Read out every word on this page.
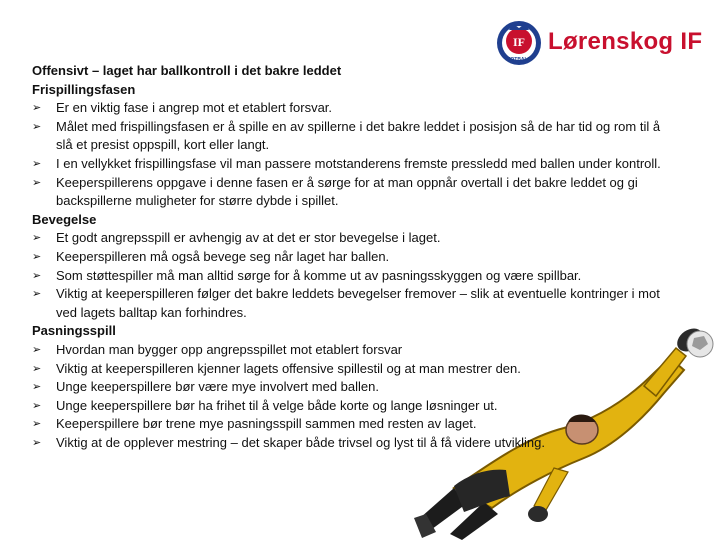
IF
FOTBALL
Lørenskog IF

Offensivt – laget har ballkontroll i det bakre leddet

Frispillingsfasen

➢	Er en viktig fase i angrep mot et etablert forsvar.
➢	Målet med frispillingsfasen er å spille en av spillerne i det bakre leddet i posisjon så de har tid og rom til å slå et presist oppspill, kort eller langt.
➢	I en vellykket frispillingsfase vil man passere motstanderens fremste pressledd med ballen under kontroll.
➢	Keeperspillerens oppgave i denne fasen er å sørge for at man oppnår overtall i det bakre leddet og gi backspillerne muligheter for større dybde i spillet.

Bevegelse

➢	Et godt angrepsspill er avhengig av at det er stor bevegelse i laget.
➢	Keeperspilleren må også bevege seg når laget har ballen.
➢	Som støttespiller må man alltid sørge for å komme ut av pasningsskyggen og være spillbar.
➢	Viktig at keeperspilleren følger det bakre leddets bevegelser fremover – slik at eventuelle kontringer i mot ved lagets balltap kan forhindres.

Pasningsspill

➢	Hvordan man bygger opp angrepsspillet mot etablert forsvar
➢	Viktig at keeperspilleren kjenner lagets offensive spillestil og at man mestrer den.
➢	Unge keeperspillere bør være mye involvert med ballen.
➢	Unge keeperspillere bør ha frihet til å velge både korte og lange løsninger ut.
➢	Keeperspillere bør trene mye pasningsspill sammen med resten av laget.
➢	Viktig at de opplever mestring – det skaper både trivsel og lyst til å få videre utvikling.
